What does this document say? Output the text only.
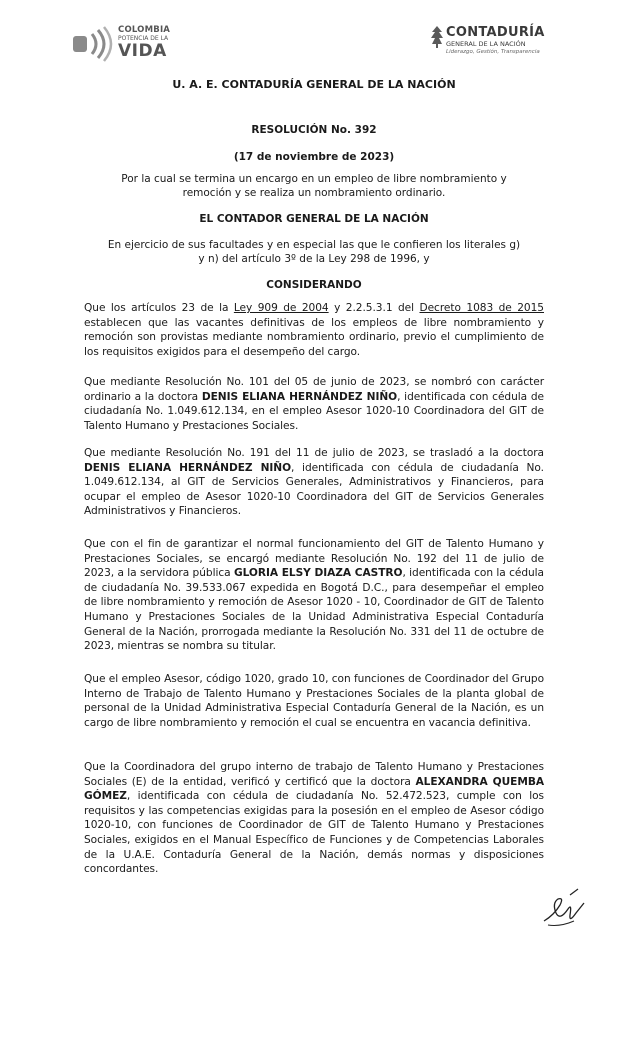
COLOMBIA
POTENCIA DE LA
VIDA
CONTADURÍA
GENERAL DE LA NACIÓN
Liderazgo, Gestión, Transparencia
U. A. E. CONTADURÍA GENERAL DE LA NACIÓN
RESOLUCIÓN No. 392
(17 de noviembre de 2023)
Por la cual se termina un encargo en un empleo de libre nombramiento y
remoción y se realiza un nombramiento ordinario.
EL CONTADOR GENERAL DE LA NACIÓN
En ejercicio de sus facultades y en especial las que le confieren los literales g)
y n) del artículo 3º de la Ley 298 de 1996, y
CONSIDERANDO

Que los artículos 23 de la Ley 909 de 2004 y 2.2.5.3.1 del Decreto 1083 de 2015 establecen que las vacantes definitivas de los empleos de libre nombramiento y remoción son provistas mediante nombramiento ordinario, previo el cumplimiento de los requisitos exigidos para el desempeño del cargo.

Que mediante Resolución No. 101 del 05 de junio de 2023, se nombró con carácter ordinario a la doctora DENIS ELIANA HERNÁNDEZ NIÑO, identificada con cédula de ciudadanía No. 1.049.612.134, en el empleo Asesor 1020-10 Coordinadora del GIT de Talento Humano y Prestaciones Sociales.

Que mediante Resolución No. 191 del 11 de julio de 2023, se trasladó a la doctora DENIS ELIANA HERNÁNDEZ NIÑO, identificada con cédula de ciudadanía No. 1.049.612.134, al GIT de Servicios Generales, Administrativos y Financieros, para ocupar el empleo de Asesor 1020-10 Coordinadora del GIT de Servicios Generales Administrativos y Financieros.

Que con el fin de garantizar el normal funcionamiento del GIT de Talento Humano y Prestaciones Sociales, se encargó mediante Resolución No. 192 del 11 de julio de 2023, a la servidora pública GLORIA ELSY DIAZA CASTRO, identificada con la cédula de ciudadanía No. 39.533.067 expedida en Bogotá D.C., para desempeñar el empleo de libre nombramiento y remoción de Asesor 1020 - 10, Coordinador de GIT de Talento Humano y Prestaciones Sociales de la Unidad Administrativa Especial Contaduría General de la Nación, prorrogada mediante la Resolución No. 331 del 11 de octubre de 2023, mientras se nombra su titular.

Que el empleo Asesor, código 1020, grado 10, con funciones de Coordinador del Grupo Interno de Trabajo de Talento Humano y Prestaciones Sociales de la planta global de personal de la Unidad Administrativa Especial Contaduría General de la Nación, es un cargo de libre nombramiento y remoción el cual se encuentra en vacancia definitiva.

Que la Coordinadora del grupo interno de trabajo de Talento Humano y Prestaciones Sociales (E) de la entidad, verificó y certificó que la doctora ALEXANDRA QUEMBA GÓMEZ, identificada con cédula de ciudadanía No. 52.472.523, cumple con los requisitos y las competencias exigidas para la posesión en el empleo de Asesor código 1020-10, con funciones de Coordinador de GIT de Talento Humano y Prestaciones Sociales, exigidos en el Manual Específico de Funciones y de Competencias Laborales de la U.A.E. Contaduría General de la Nación, demás normas y disposiciones concordantes.
